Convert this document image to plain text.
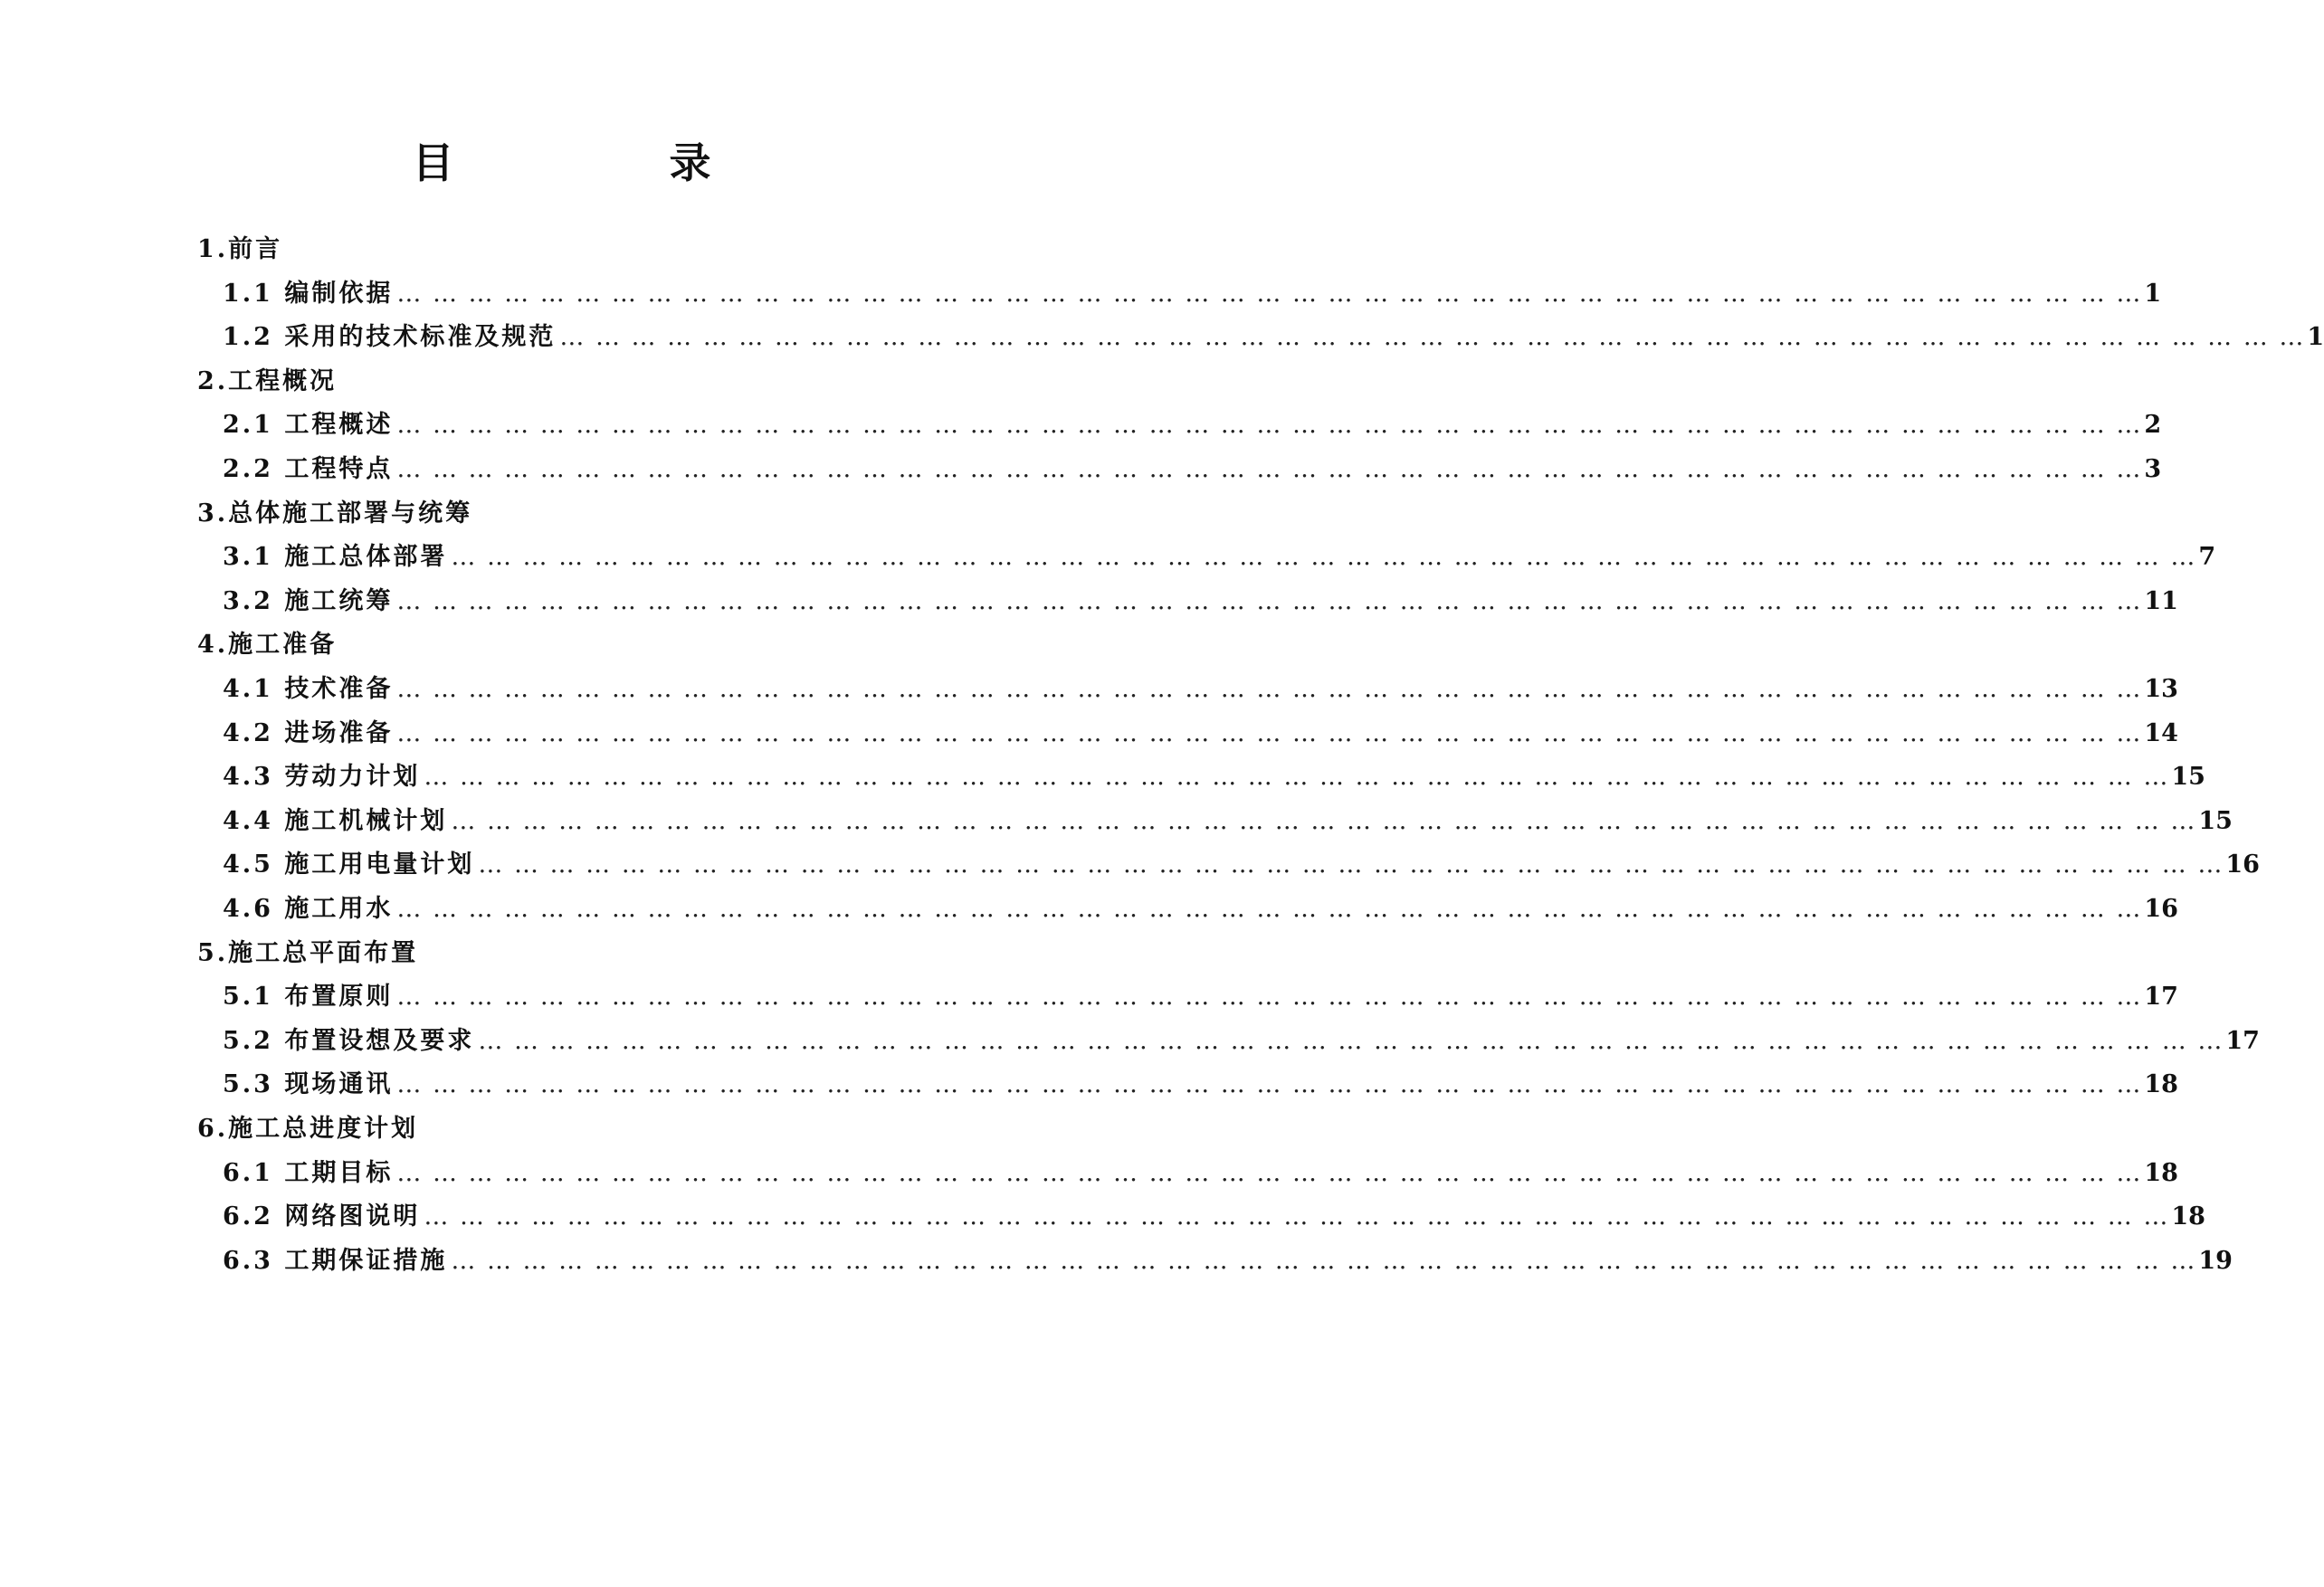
目　录
1.前言
1.1 编制依据 … … … … … … … … … … … … … … … … … … … … … … … … … … … … … … … … … … … … … … … … … … … … … … … … … 1
1.2 采用的技术标准及规范 … … … … … … … … … … … … … … … … … … … … … … … … … … … … … … … … … … … … … … … … … … … … … … … … … 1
2.工程概况
2.1 工程概述 … … … … … … … … … … … … … … … … … … … … … … … … … … … … … … … … … … … … … … … … … … … … … … … … … 2
2.2 工程特点 … … … … … … … … … … … … … … … … … … … … … … … … … … … … … … … … … … … … … … … … … … … … … … … … … 3
3.总体施工部署与统筹
3.1 施工总体部署 … … … … … … … … … … … … … … … … … … … … … … … … … … … … … … … … … … … … … … … … … … … … … … … … … 7
3.2 施工统筹 … … … … … … … … … … … … … … … … … … … … … … … … … … … … … … … … … … … … … … … … … … … … … … … … … 11
4.施工准备
4.1 技术准备 … … … … … … … … … … … … … … … … … … … … … … … … … … … … … … … … … … … … … … … … … … … … … … … … … 13
4.2 进场准备 … … … … … … … … … … … … … … … … … … … … … … … … … … … … … … … … … … … … … … … … … … … … … … … … … 14
4.3 劳动力计划 … … … … … … … … … … … … … … … … … … … … … … … … … … … … … … … … … … … … … … … … … … … … … … … … … 15
4.4 施工机械计划 … … … … … … … … … … … … … … … … … … … … … … … … … … … … … … … … … … … … … … … … … … … … … … … … … 15
4.5 施工用电量计划 … … … … … … … … … … … … … … … … … … … … … … … … … … … … … … … … … … … … … … … … … … … … … … … … … 16
4.6 施工用水 … … … … … … … … … … … … … … … … … … … … … … … … … … … … … … … … … … … … … … … … … … … … … … … … … 16
5.施工总平面布置
5.1 布置原则 … … … … … … … … … … … … … … … … … … … … … … … … … … … … … … … … … … … … … … … … … … … … … … … … … 17
5.2 布置设想及要求 … … … … … … … … … … … … … … … … … … … … … … … … … … … … … … … … … … … … … … … … … … … … … … … … … 17
5.3 现场通讯 … … … … … … … … … … … … … … … … … … … … … … … … … … … … … … … … … … … … … … … … … … … … … … … … … 18
6.施工总进度计划
6.1 工期目标 … … … … … … … … … … … … … … … … … … … … … … … … … … … … … … … … … … … … … … … … … … … … … … … … … 18
6.2 网络图说明 … … … … … … … … … … … … … … … … … … … … … … … … … … … … … … … … … … … … … … … … … … … … … … … … … 18
6.3 工期保证措施 … … … … … … … … … … … … … … … … … … … … … … … … … … … … … … … … … … … … … … … … … … … … … … … … … 19
